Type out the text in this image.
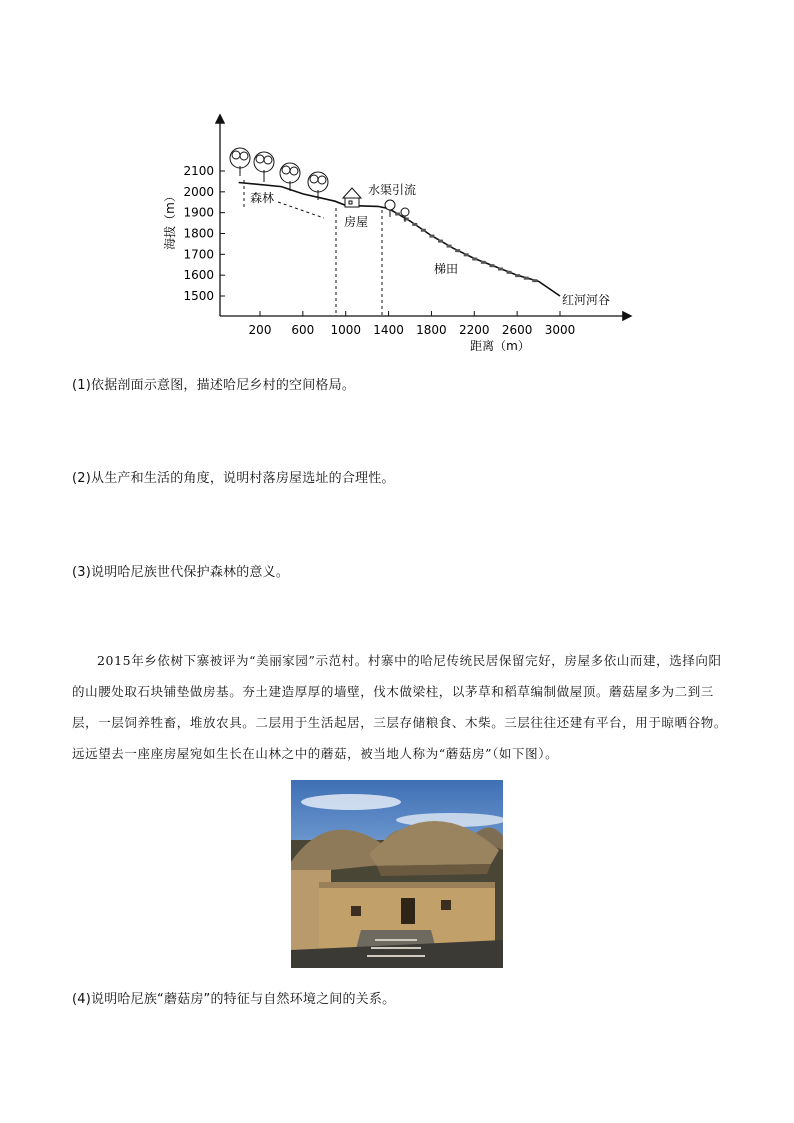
2100
2000
1900
1800
1700
1600
1500
200 600 1000 1400 1800 2200 2600 3000
海拔（m）
距离（m）
森林
水渠引流
房屋
梯田
红河河谷
(1)依据剖面示意图，描述哈尼乡村的空间格局。
(2)从生产和生活的角度，说明村落房屋选址的合理性。
(3)说明哈尼族世代保护森林的意义。

2015年乡依树下寨被评为“美丽家园”示范村。村寨中的哈尼传统民居保留完好，房屋多依山而建，选择向阳的山腰处取石块铺垫做房基。夯土建造厚厚的墙壁，伐木做梁柱，以茅草和稻草编制做屋顶。蘑菇屋多为二到三层，一层饲养牲畜，堆放农具。二层用于生活起居，三层存储粮食、木柴。三层往往还建有平台，用于晾晒谷物。远远望去一座座房屋宛如生长在山林之中的蘑菇，被当地人称为“蘑菇房”（如下图）。

(4)说明哈尼族“蘑菇房”的特征与自然环境之间的关系。
